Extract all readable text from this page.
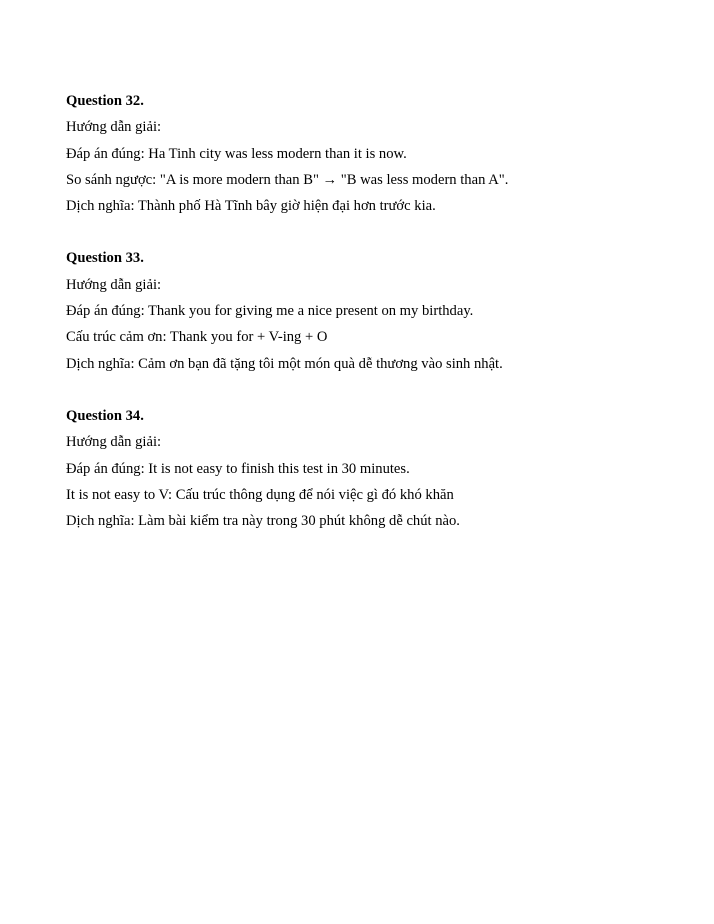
Question 32.
Hướng dẫn giải:
Đáp án đúng: Ha Tinh city was less modern than it is now.
So sánh ngược: "A is more modern than B" → "B was less modern than A".
Dịch nghĩa: Thành phố Hà Tĩnh bây giờ hiện đại hơn trước kia.
Question 33.
Hướng dẫn giải:
Đáp án đúng: Thank you for giving me a nice present on my birthday.
Cấu trúc cảm ơn: Thank you for + V-ing + O
Dịch nghĩa: Cảm ơn bạn đã tặng tôi một món quà dễ thương vào sinh nhật.
Question 34.
Hướng dẫn giải:
Đáp án đúng: It is not easy to finish this test in 30 minutes.
It is not easy to V: Cấu trúc thông dụng để nói việc gì đó khó khăn
Dịch nghĩa: Làm bài kiểm tra này trong 30 phút không dễ chút nào.
